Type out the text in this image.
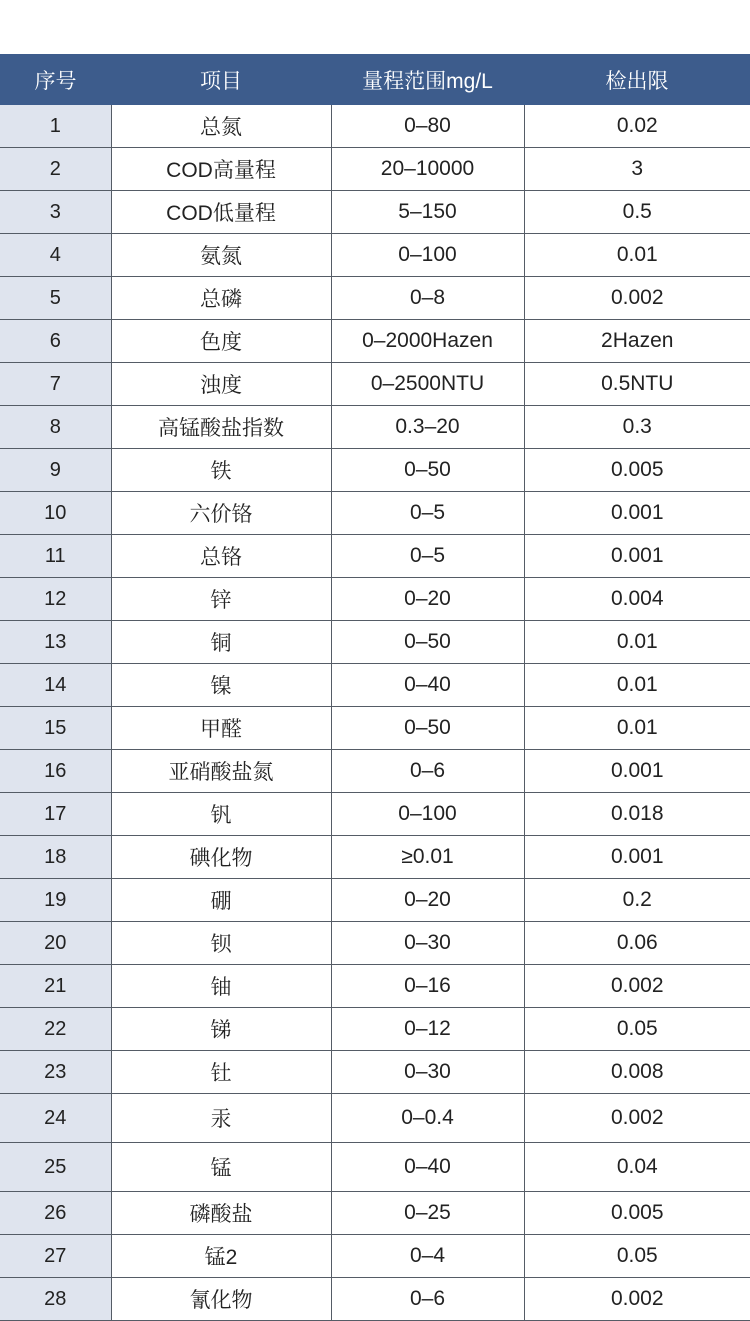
序号	项目	量程范围mg/L	检出限
1	总氮	0–80	0.02
2	COD高量程	20–10000	3
3	COD低量程	5–150	0.5
4	氨氮	0–100	0.01
5	总磷	0–8	0.002
6	色度	0–2000Hazen	2Hazen
7	浊度	0–2500NTU	0.5NTU
8	高锰酸盐指数	0.3–20	0.3
9	铁	0–50	0.005
10	六价铬	0–5	0.001
11	总铬	0–5	0.001
12	锌	0–20	0.004
13	铜	0–50	0.01
14	镍	0–40	0.01
15	甲醛	0–50	0.01
16	亚硝酸盐氮	0–6	0.001
17	钒	0–100	0.018
18	碘化物	≥0.01	0.001
19	硼	0–20	0.2
20	钡	0–30	0.06
21	铀	0–16	0.002
22	锑	0–12	0.05
23	钍	0–30	0.008
24	汞	0–0.4	0.002
25	锰	0–40	0.04
26	磷酸盐	0–25	0.005
27	锰2	0–4	0.05
28	氰化物	0–6	0.002
